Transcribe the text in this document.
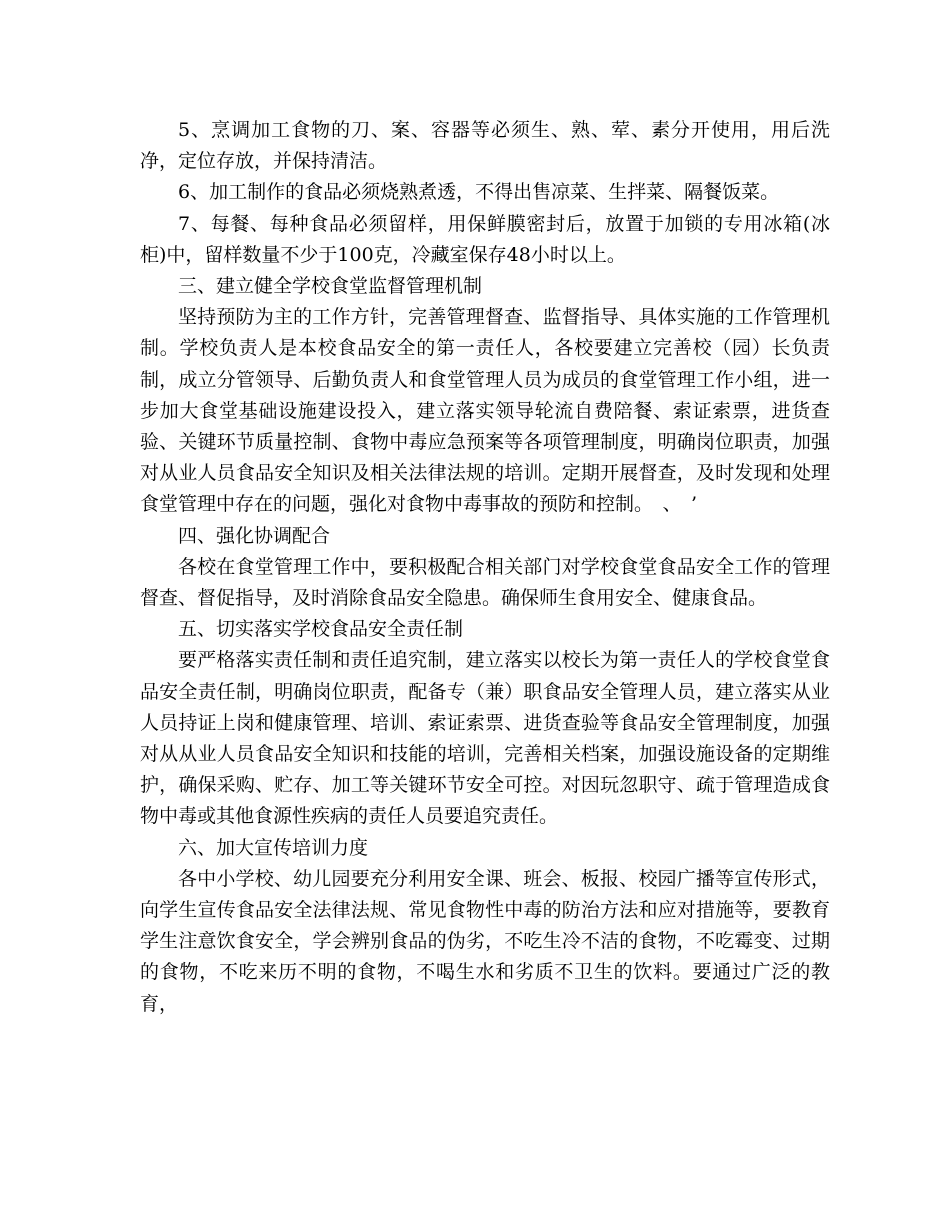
5、烹调加工食物的刀、案、容器等必须生、熟、荤、素分开使用，用后洗净，定位存放，并保持清洁。

6、加工制作的食品必须烧熟煮透，不得出售凉菜、生拌菜、隔餐饭菜。

7、每餐、每种食品必须留样，用保鲜膜密封后，放置于加锁的专用冰箱(冰柜)中，留样数量不少于100克，冷藏室保存48小时以上。

三、建立健全学校食堂监督管理机制

坚持预防为主的工作方针，完善管理督查、监督指导、具体实施的工作管理机制。学校负责人是本校食品安全的第一责任人，各校要建立完善校（园）长负责制，成立分管领导、后勤负责人和食堂管理人员为成员的食堂管理工作小组，进一步加大食堂基础设施建设投入，建立落实领导轮流自费陪餐、索证索票，进货查验、关键环节质量控制、食物中毒应急预案等各项管理制度，明确岗位职责，加强对从业人员食品安全知识及相关法律法规的培训。定期开展督查，及时发现和处理食堂管理中存在的问题，强化对食物中毒事故的预防和控制。　、　’

四、强化协调配合

各校在食堂管理工作中，要积极配合相关部门对学校食堂食品安全工作的管理督查、督促指导，及时消除食品安全隐患。确保师生食用安全、健康食品。

五、切实落实学校食品安全责任制

要严格落实责任制和责任追究制，建立落实以校长为第一责任人的学校食堂食品安全责任制，明确岗位职责，配备专（兼）职食品安全管理人员，建立落实从业人员持证上岗和健康管理、培训、索证索票、进货查验等食品安全管理制度，加强对从从业人员食品安全知识和技能的培训，完善相关档案，加强设施设备的定期维护，确保采购、贮存、加工等关键环节安全可控。对因玩忽职守、疏于管理造成食物中毒或其他食源性疾病的责任人员要追究责任。

六、加大宣传培训力度

各中小学校、幼儿园要充分利用安全课、班会、板报、校园广播等宣传形式，向学生宣传食品安全法律法规、常见食物性中毒的防治方法和应对措施等，要教育学生注意饮食安全，学会辨别食品的伪劣，不吃生冷不洁的食物，不吃霉变、过期的食物，不吃来历不明的食物，不喝生水和劣质不卫生的饮料。要通过广泛的教育，
